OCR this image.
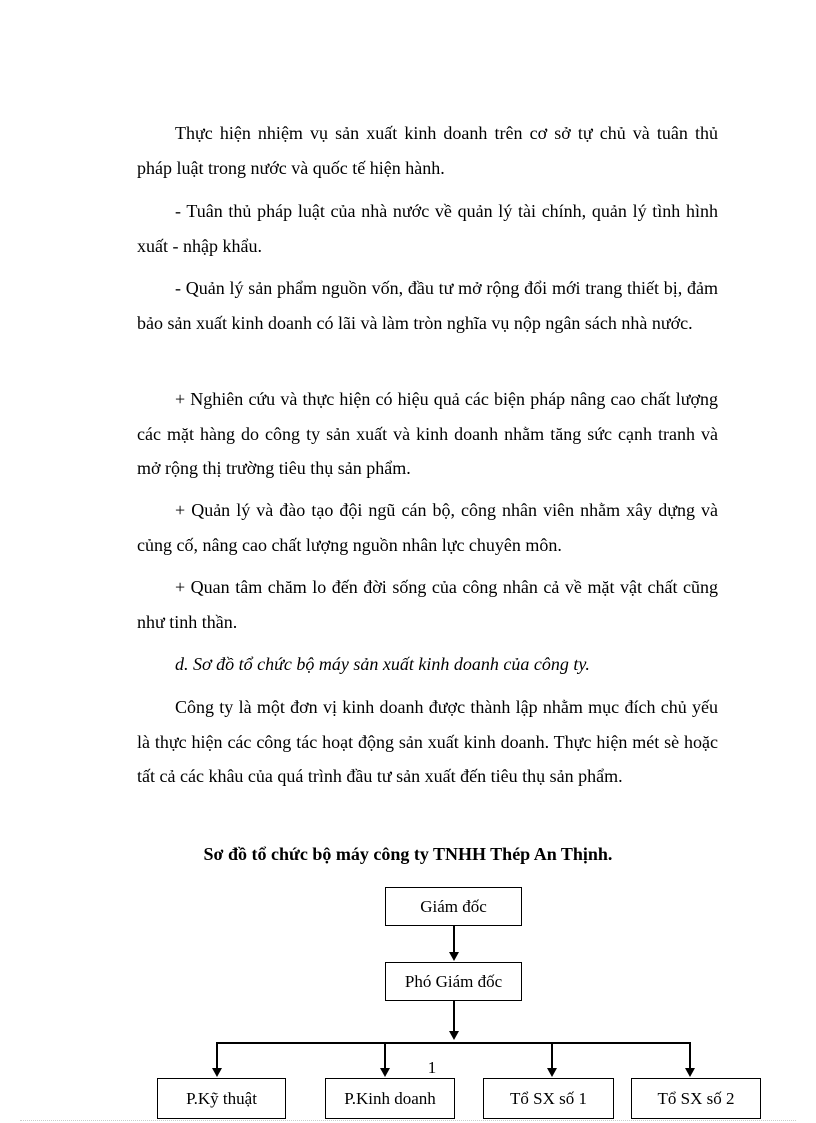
Thực hiện nhiệm vụ sản xuất kinh doanh trên cơ sở tự chủ và tuân thủ pháp luật trong nước và quốc tế hiện hành.

- Tuân thủ pháp luật của nhà nước về quản lý tài chính, quản lý tình hình xuất - nhập khẩu.

- Quản lý sản phẩm nguồn vốn, đầu tư mở rộng đổi mới trang thiết bị, đảm bảo sản xuất kinh doanh có lãi và làm tròn nghĩa vụ nộp ngân sách nhà nước.

+ Nghiên cứu và thực hiện có hiệu quả các biện pháp nâng cao chất lượng các mặt hàng do công ty sản xuất và kinh doanh nhằm tăng sức cạnh tranh và mở rộng thị trường tiêu thụ sản phẩm.

+ Quản lý và đào tạo đội ngũ cán bộ, công nhân viên nhằm xây dựng và củng cố, nâng cao chất lượng nguồn nhân lực chuyên môn.

+ Quan tâm chăm lo đến đời sống của công nhân cả về mặt vật chất cũng như tinh thần.

d. Sơ đồ tổ chức bộ máy sản xuất kinh doanh của công ty.

Công ty là một đơn vị kinh doanh được thành lập nhằm mục đích chủ yếu là thực hiện các công tác hoạt động sản xuất kinh doanh. Thực hiện mét sè hoặc tất cả các khâu của quá trình đầu tư sản xuất đến tiêu thụ sản phẩm.

Sơ đồ tổ chức bộ máy công ty TNHH Thép An Thịnh.
Giám đốc
Phó Giám đốc
P.Kỹ thuật	P.Kinh doanh	Tổ SX số 1	Tổ SX số 2
1
